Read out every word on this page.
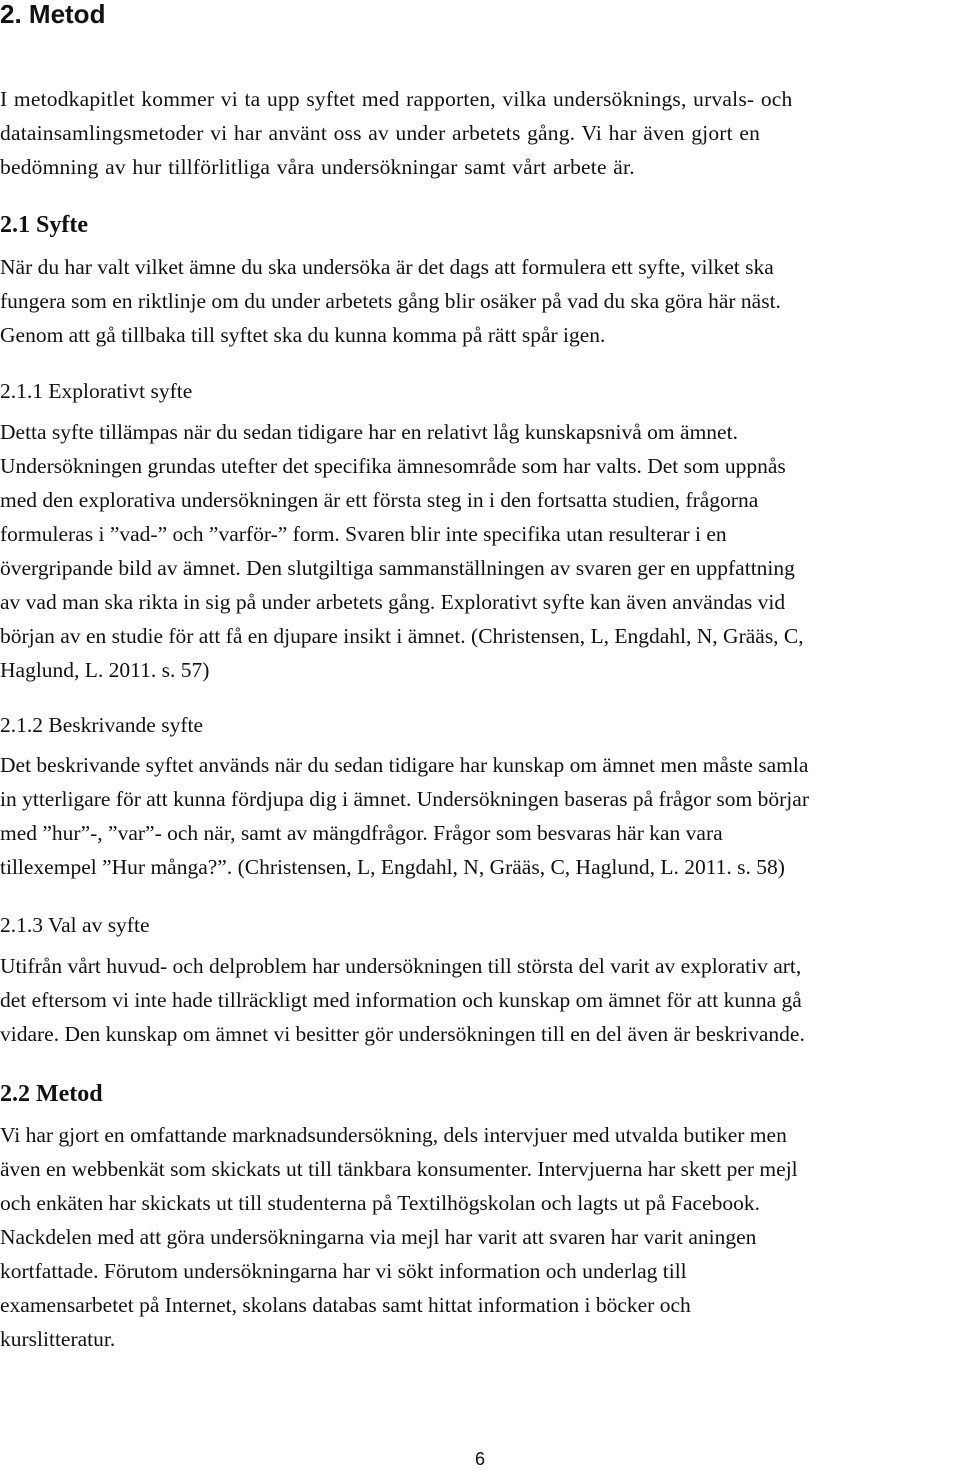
2. Metod
I metodkapitlet kommer vi ta upp syftet med rapporten, vilka undersöknings, urvals- och
datainsamlingsmetoder vi har använt oss av under arbetets gång. Vi har även gjort en
bedömning av hur tillförlitliga våra undersökningar samt vårt arbete är.
2.1 Syfte
När du har valt vilket ämne du ska undersöka är det dags att formulera ett syfte, vilket ska
fungera som en riktlinje om du under arbetets gång blir osäker på vad du ska göra här näst.
Genom att gå tillbaka till syftet ska du kunna komma på rätt spår igen.
2.1.1 Explorativt syfte
Detta syfte tillämpas när du sedan tidigare har en relativt låg kunskapsnivå om ämnet.
Undersökningen grundas utefter det specifika ämnesområde som har valts. Det som uppnås
med den explorativa undersökningen är ett första steg in i den fortsatta studien, frågorna
formuleras i ”vad-” och ”varför-” form. Svaren blir inte specifika utan resulterar i en
övergripande bild av ämnet. Den slutgiltiga sammanställningen av svaren ger en uppfattning
av vad man ska rikta in sig på under arbetets gång. Explorativt syfte kan även användas vid
början av en studie för att få en djupare insikt i ämnet. (Christensen, L, Engdahl, N, Grääs, C,
Haglund, L. 2011. s. 57)
2.1.2 Beskrivande syfte
Det beskrivande syftet används när du sedan tidigare har kunskap om ämnet men måste samla
in ytterligare för att kunna fördjupa dig i ämnet. Undersökningen baseras på frågor som börjar
med ”hur”-, ”var”- och när, samt av mängdfrågor. Frågor som besvaras här kan vara
tillexempel ”Hur många?”. (Christensen, L, Engdahl, N, Grääs, C, Haglund, L. 2011. s. 58)
2.1.3 Val av syfte
Utifrån vårt huvud- och delproblem har undersökningen till största del varit av explorativ art,
det eftersom vi inte hade tillräckligt med information och kunskap om ämnet för att kunna gå
vidare. Den kunskap om ämnet vi besitter gör undersökningen till en del även är beskrivande.
2.2 Metod
Vi har gjort en omfattande marknadsundersökning, dels intervjuer med utvalda butiker men
även en webbenkät som skickats ut till tänkbara konsumenter. Intervjuerna har skett per mejl
och enkäten har skickats ut till studenterna på Textilhögskolan och lagts ut på Facebook.
Nackdelen med att göra undersökningarna via mejl har varit att svaren har varit aningen
kortfattade. Förutom undersökningarna har vi sökt information och underlag till
examensarbetet på Internet, skolans databas samt hittat information i böcker och
kurslitteratur.
6
